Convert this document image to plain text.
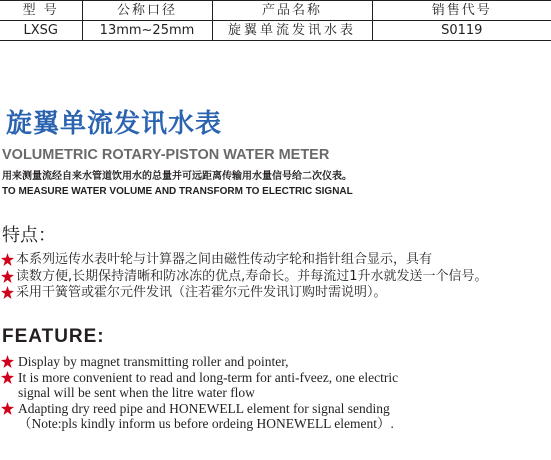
型 号	公称口径	产品名称	销售代号
LXSG	13mm~25mm	旋翼单流发讯水表	S0119
旋翼单流发讯水表
VOLUMETRIC ROTARY-PISTON WATER METER
用来测量流经自来水管道饮用水的总量并可远距离传输用水量信号给二次仪表。
TO MEASURE WATER VOLUME AND TRANSFORM TO ELECTRIC SIGNAL
特点：
本系列远传水表叶轮与计算器之间由磁性传动字轮和指针组合显示，具有
读数方便,长期保持清晰和防冰冻的优点,寿命长。并每流过1升水就发送一个信号。
采用干簧管或霍尔元件发讯（注若霍尔元件发讯订购时需说明）。
FEATURE:
Display by magnet transmitting roller and pointer,
It is more convenient to read and long-term for anti-fveez, one electric
signal will be sent when the litre water flow
Adapting dry reed pipe and HONEWELL element for signal sending
（Note:pls kindly inform us before ordeing HONEWELL element）.
